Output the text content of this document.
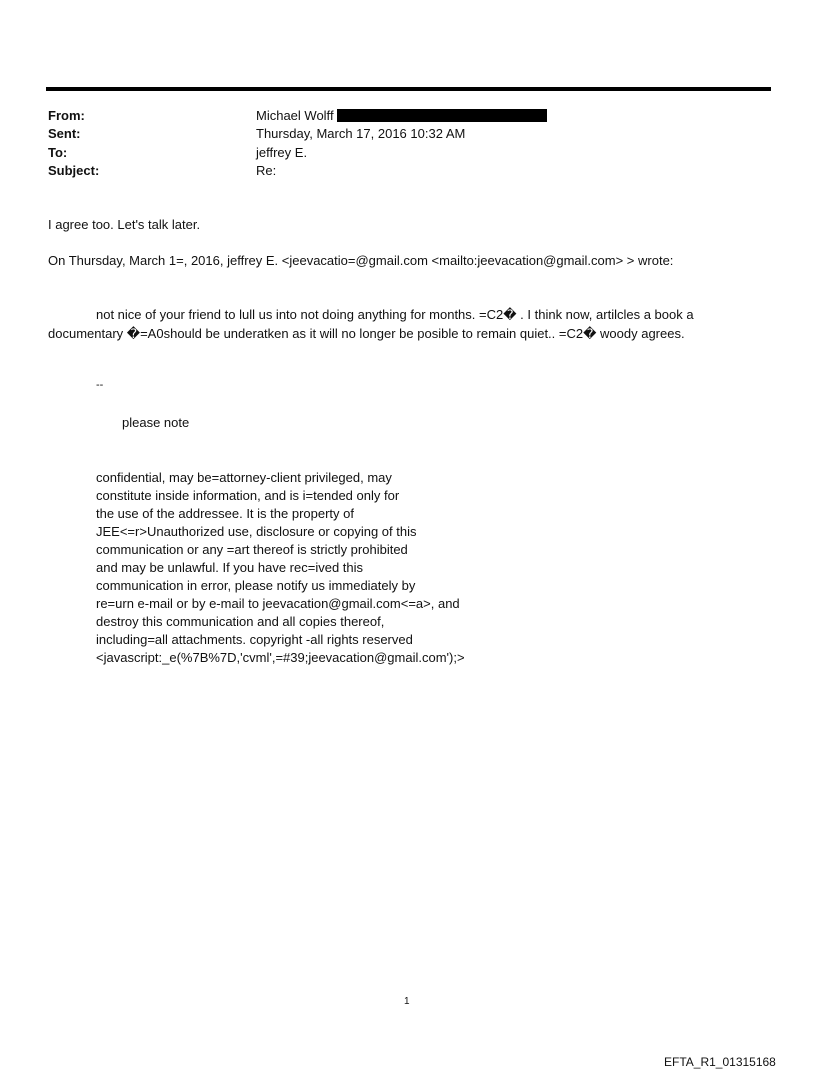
From:	Michael Wolff
Sent:	Thursday, March 17, 2016 10:32 AM
To:	jeffrey E.
Subject:	Re:
I agree too. Let's talk later.
On Thursday, March 1=, 2016, jeffrey E. <jeevacatio=@gmail.com <mailto:jeevacation@gmail.com> > wrote:
not nice of your friend to lull us into not doing anything for months. =C2� . I think now, artilcles a book a
documentary �=A0should be underatken as it will no longer be posible to remain quiet.. =C2� woody agrees.
--
please note
confidential, may be=attorney-client privileged, may
constitute inside information, and is i=tended only for
the use of the addressee. It is the property of
JEE<=r>Unauthorized use, disclosure or copying of this
communication or any =art thereof is strictly prohibited
and may be unlawful. If you have rec=ived this
communication in error, please notify us immediately by
re=urn e-mail or by e-mail to jeevacation@gmail.com<=a>, and
destroy this communication and all copies thereof,
including=all attachments. copyright -all rights reserved
<javascript:_e(%7B%7D,'cvml',=#39;jeevacation@gmail.com');>
1
EFTA_R1_01315168
